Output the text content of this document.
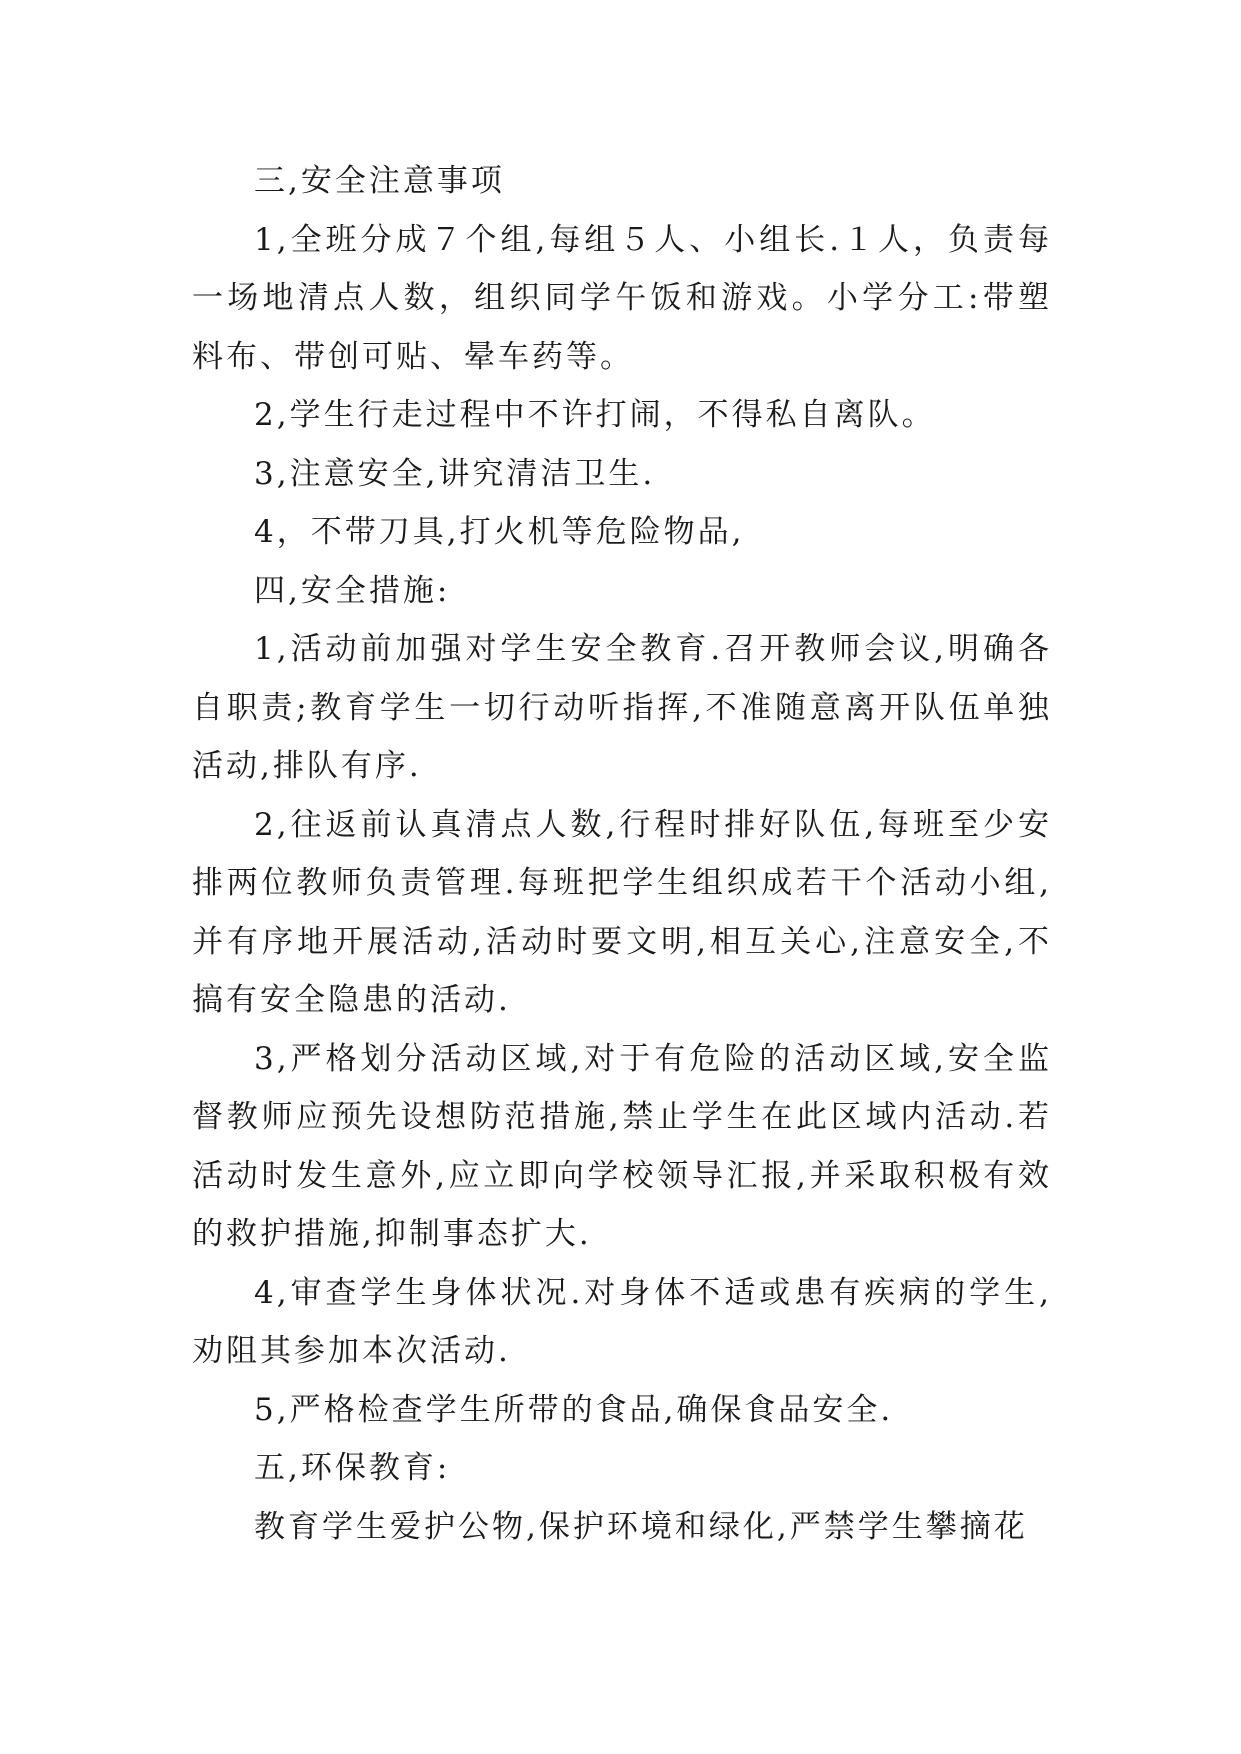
三,安全注意事项

1,全班分成７个组,每组５人、小组长.１人，负责每一场地清点人数，组织同学午饭和游戏。小学分工:带塑料布、带创可贴、晕车药等。

2,学生行走过程中不许打闹，不得私自离队。

3,注意安全,讲究清洁卫生.

4，不带刀具,打火机等危险物品,

四,安全措施:

1,活动前加强对学生安全教育.召开教师会议,明确各自职责;教育学生一切行动听指挥,不准随意离开队伍单独活动,排队有序.

2,往返前认真清点人数,行程时排好队伍,每班至少安排两位教师负责管理.每班把学生组织成若干个活动小组,并有序地开展活动,活动时要文明,相互关心,注意安全,不搞有安全隐患的活动.

3,严格划分活动区域,对于有危险的活动区域,安全监督教师应预先设想防范措施,禁止学生在此区域内活动.若活动时发生意外,应立即向学校领导汇报,并采取积极有效的救护措施,抑制事态扩大.

4,审查学生身体状况.对身体不适或患有疾病的学生,劝阻其参加本次活动.

5,严格检查学生所带的食品,确保食品安全.

五,环保教育:

教育学生爱护公物,保护环境和绿化,严禁学生攀摘花
